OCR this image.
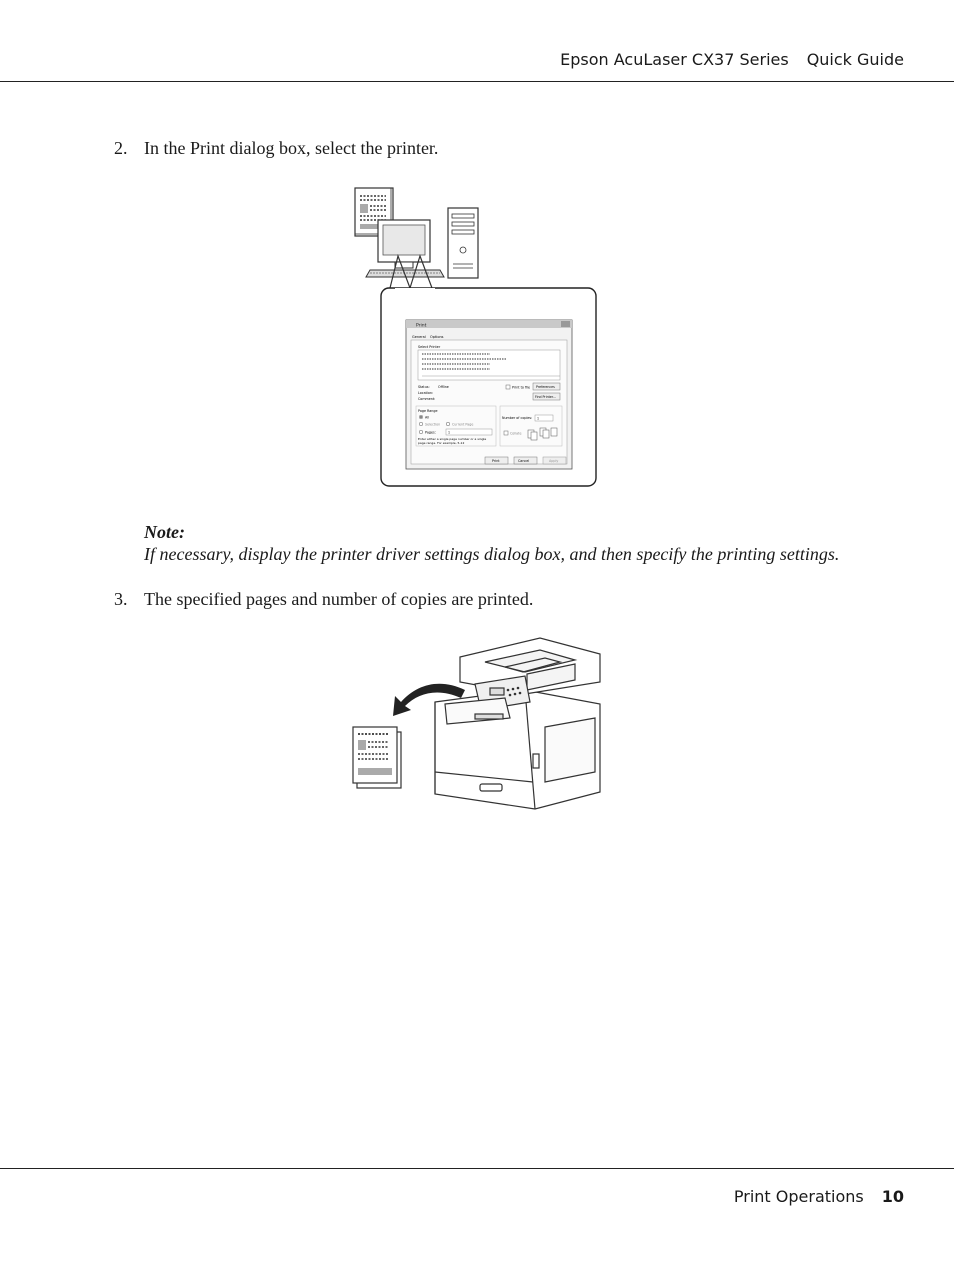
Epson AcuLaser CX37 Series Quick Guide
2. In the Print dialog box, select the printer.
Print
General Options
Select Printer
Status:	Offline
Location:
Comment:
Print to file Preferences
Find Printer...
Page Range
All
Selection	Current Page
Pages:	1
Enter either a single page number or a single
page range. For example, 5-12
Number of copies: 1
Collate
Print	Cancel	Apply
Note:
If necessary, display the printer driver settings dialog box, and then specify the printing settings.
3. The specified pages and number of copies are printed.
Print Operations 10
